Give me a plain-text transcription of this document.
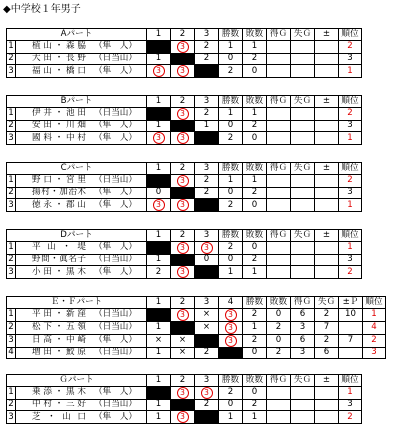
◆中学校１年男子
Aパート		1	2	3	勝数	敗数	得Ｇ	失Ｇ	±	順位
1	植山・森脇 （隼　人）		3	2	1	1				2
2	大田・長野 （日当山）	1		2	0	2				3
3	福山・橋口 （隼　人）	3	3		2	0				1
Bパート		1	2	3	勝数	敗数	得Ｇ	失Ｇ	±	順位
1	伊井・池田 （日当山）		3	2	1	1				2
2	安田・川畑 （隼　人）	1		1	0	2				3
3	國料・中村 （隼　人）	3	3		2	0				1
Cパート		1	2	3	勝数	敗数	得Ｇ	失Ｇ	±	順位
1	野口・宮里 （日当山）		3	2	1	1				2
2	揚村・加治木 （隼　人）	0		2	0	2				3
3	徳永・郡山 （隼　人）	3	3		2	0				1
Dパート		1	2	3	勝数	敗数	得Ｇ	失Ｇ	±	順位
1	平山・堤 （隼　人）		3	3	2	0				1
2	野間・眞名子 （日当山）	1		0	0	2				3
3	小田・黒木 （隼　人）	2	3		1	1				2
Ｅ・Ｆパート		1	2	3	4	勝数	敗数	得Ｇ	失Ｇ	±Ｐ	順位
1	平田・新窪 （日当山）		3	×	3	2	0	6	2	10	1
2	松下・五領 （日当山）	1		×	3	1	2	3	7		4
3	日高・中崎 （隼　人）	×	×		3	2	0	6	2	7	2
4	増田・鮫原 （日当山）	1	×	2		0	2	3	6		3
Ｇパート		1	2	3	勝数	敗数	得Ｇ	失Ｇ	±	順位
1	乗添・黒木 （隼　人）		3	3	2	0				1
2	中村・三好 （日当山）	1		2	0	2				3
3	芝・山口 （隼　人）	1	3		1	1				2
